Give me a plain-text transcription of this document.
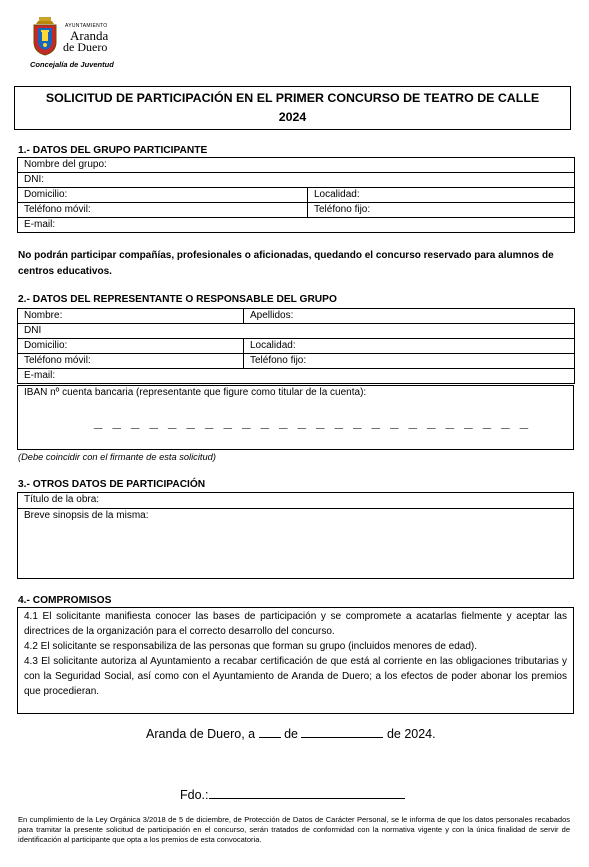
AYUNTAMIENTO
Aranda
de Duero
Concejalía de Juventud
SOLICITUD DE PARTICIPACIÓN EN EL PRIMER CONCURSO DE TEATRO DE CALLE 2024
1.- DATOS DEL GRUPO PARTICIPANTE
Nombre del grupo:	
DNI:	
Domicilio:	Localidad:
Teléfono móvil:	Teléfono fijo:
E-mail:	
No podrán participar compañías, profesionales o aficionadas, quedando el concurso reservado para alumnos de centros educativos.
2.- DATOS DEL REPRESENTANTE O RESPONSABLE DEL GRUPO
Nombre:	Apellidos:
DNI	
Domicilio:	Localidad:
Teléfono móvil:	Teléfono fijo:
E-mail:	
IBAN nº cuenta bancaria (representante que figure como titular de la cuenta):
_ _ _ _ _ _ _ _ _ _ _ _ _ _ _ _ _ _ _ _ _ _ _ _
(Debe coincidir con el firmante de esta solicitud)
3.- OTROS DATOS DE PARTICIPACIÓN
Título de la obra:
Breve sinopsis de la misma:
4.- COMPROMISOS

4.1 El solicitante manifiesta conocer las bases de participación y se compromete a acatarlas fielmente y aceptar las directrices de la organización para el correcto desarrollo del concurso.

4.2 El solicitante se responsabiliza de las personas que forman su grupo (incluidos menores de edad).

4.3 El solicitante autoriza al Ayuntamiento a recabar certificación de que está al corriente en las obligaciones tributarias y con la Seguridad Social, así como con el Ayuntamiento de Aranda de Duero; a los efectos de poder abonar los premios que procedieran.

Aranda de Duero, a de	de 2024.
Fdo.:
En cumplimiento de la Ley Orgánica 3/2018 de 5 de diciembre, de Protección de Datos de Carácter Personal, se le informa de que los datos personales recabados para tramitar la presente solicitud de participación en el concurso, serán tratados de conformidad con la normativa vigente y con la única finalidad de servir de identificación al participante que opta a los premios de esta convocatoria.
